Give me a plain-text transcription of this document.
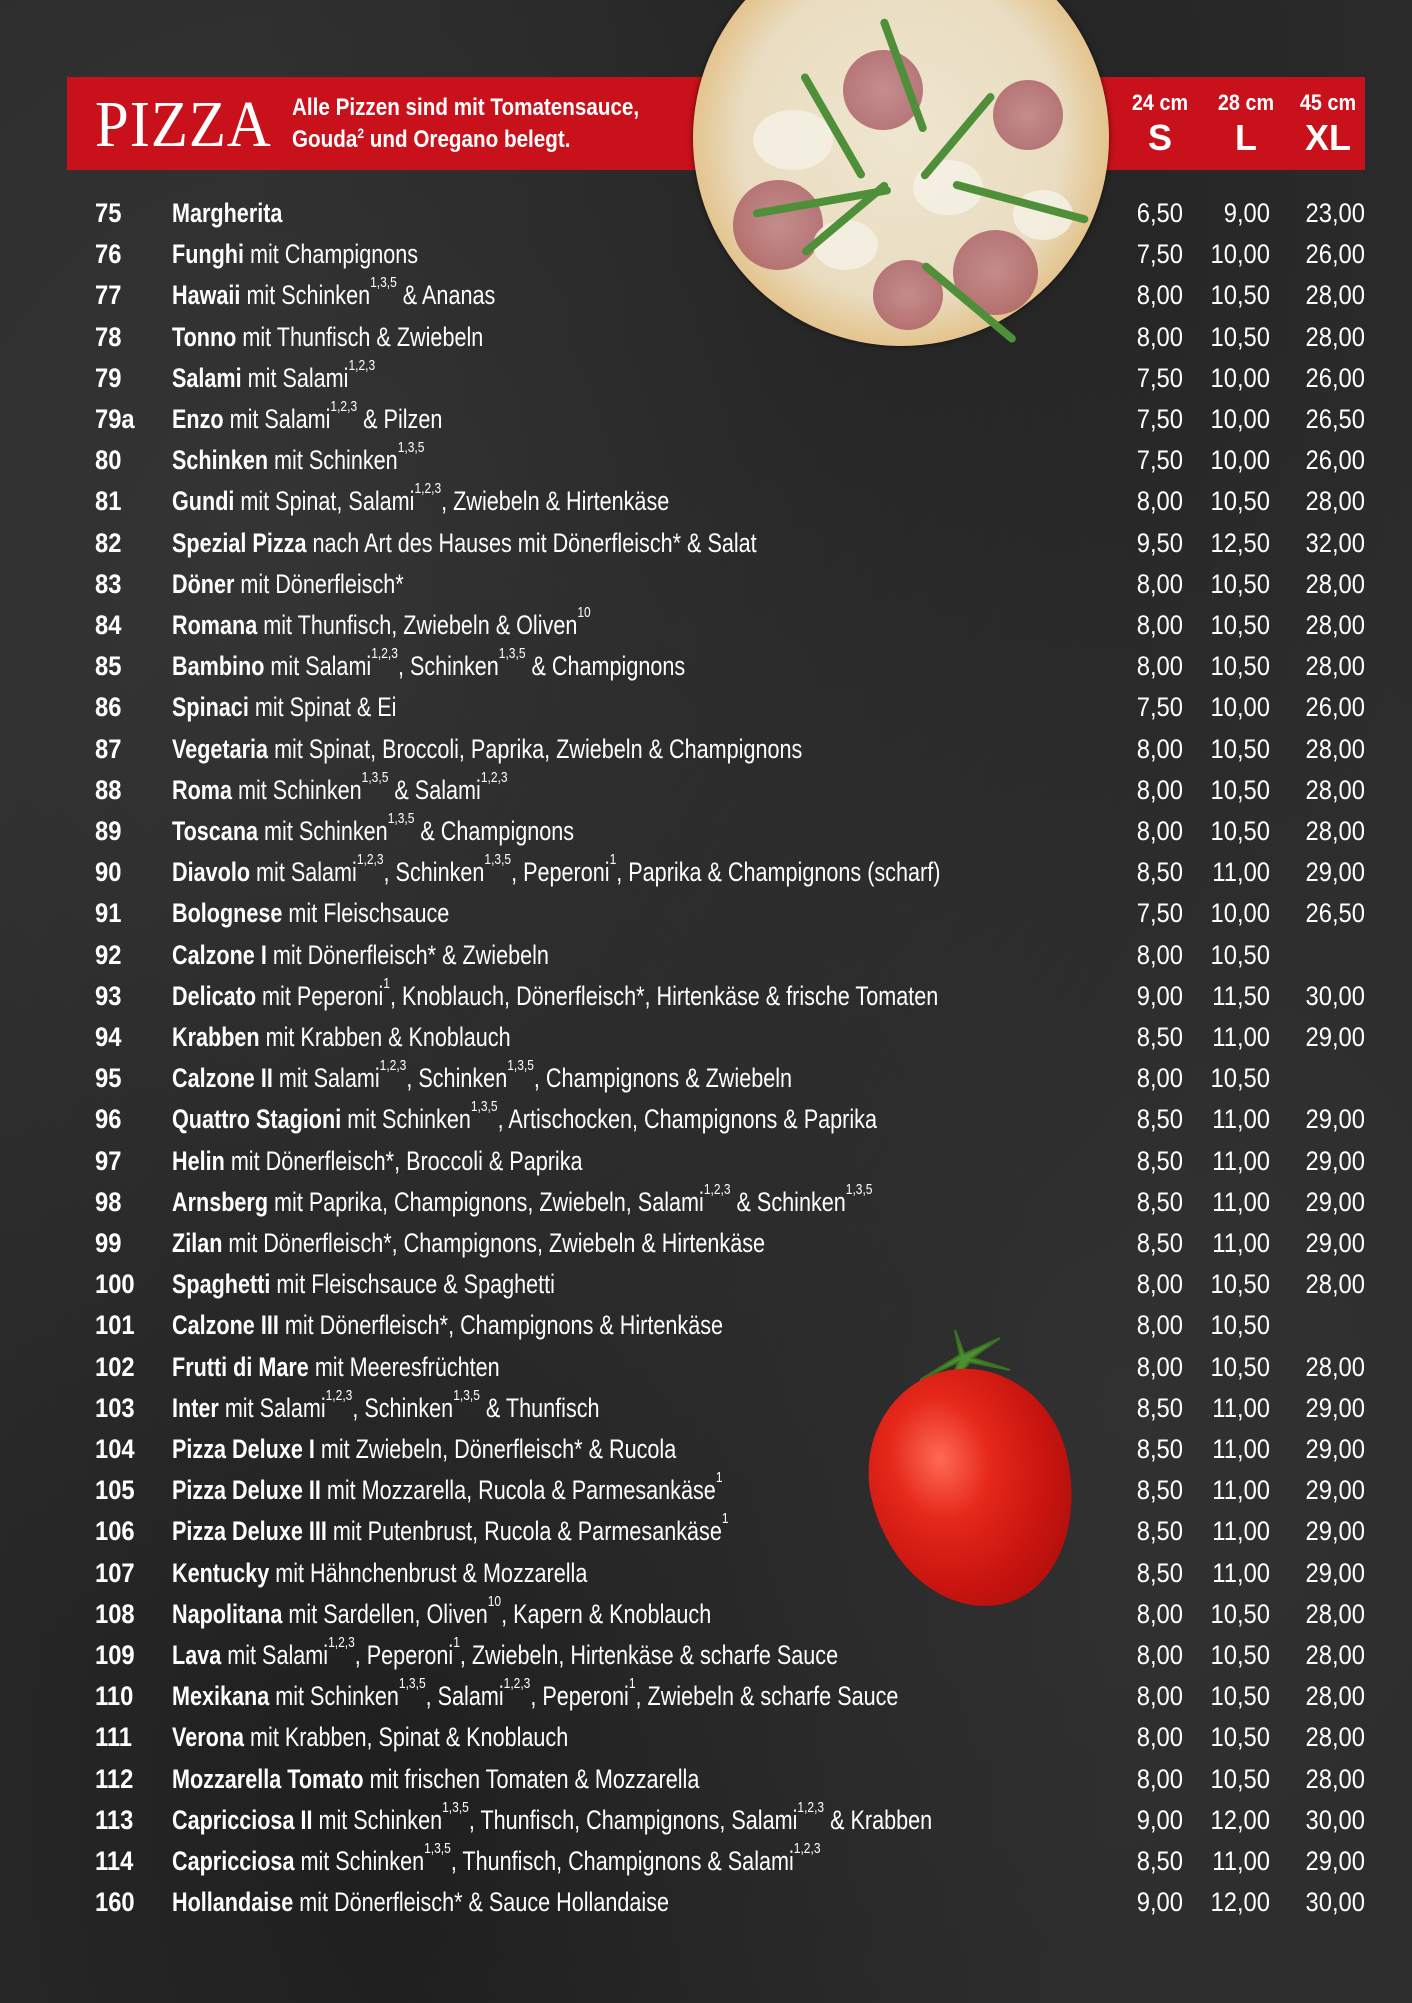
PIZZA Alle Pizzen sind mit Tomatensauce,
Gouda$^2$ und Oregano belegt.
24 cm
S
28 cm
L
45 cm
XL
75 Margherita	6,50	9,00	23,00
76 Funghi mit Champignons	7,50	10,00	26,00
77 Hawaii mit Schinken$^{1,3,5}$ & Ananas	8,00	10,50	28,00
78 Tonno mit Thunfisch & Zwiebeln	8,00	10,50	28,00
79 Salami mit Salami$^{1,2,3}$	7,50	10,00	26,00
79a Enzo mit Salami$^{1,2,3}$ & Pilzen	7,50	10,00	26,50
80 Schinken mit Schinken$^{1,3,5}$	7,50	10,00	26,00
81 Gundi mit Spinat, Salami$^{1,2,3}$, Zwiebeln & Hirtenkäse	8,00	10,50	28,00
82 Spezial Pizza nach Art des Hauses mit Dönerfleisch* & Salat	9,50	12,50	32,00
83 Döner mit Dönerfleisch*	8,00	10,50	28,00
84 Romana mit Thunfisch, Zwiebeln & Oliven$^{10}$	8,00	10,50	28,00
85 Bambino mit Salami$^{1,2,3}$, Schinken$^{1,3,5}$ & Champignons	8,00	10,50	28,00
86 Spinaci mit Spinat & Ei	7,50	10,00	26,00
87 Vegetaria mit Spinat, Broccoli, Paprika, Zwiebeln & Champignons	8,00	10,50	28,00
88 Roma mit Schinken$^{1,3,5}$ & Salami$^{1,2,3}$	8,00	10,50	28,00
89 Toscana mit Schinken$^{1,3,5}$ & Champignons	8,00	10,50	28,00
90 Diavolo mit Salami$^{1,2,3}$, Schinken$^{1,3,5}$, Peperoni$^1$, Paprika & Champignons (scharf)	8,50	11,00	29,00
91 Bolognese mit Fleischsauce	7,50	10,00	26,50
92 Calzone I mit Dönerfleisch* & Zwiebeln	8,00	10,50
93 Delicato mit Peperoni$^1$, Knoblauch, Dönerfleisch*, Hirtenkäse & frische Tomaten	9,00	11,50	30,00
94 Krabben mit Krabben & Knoblauch	8,50	11,00	29,00
95 Calzone II mit Salami$^{1,2,3}$, Schinken$^{1,3,5}$, Champignons & Zwiebeln	8,00	10,50
96 Quattro Stagioni mit Schinken$^{1,3,5}$, Artischocken, Champignons & Paprika	8,50	11,00	29,00
97 Helin mit Dönerfleisch*, Broccoli & Paprika	8,50	11,00	29,00
98 Arnsberg mit Paprika, Champignons, Zwiebeln, Salami$^{1,2,3}$ & Schinken$^{1,3,5}$	8,50	11,00	29,00
99 Zilan mit Dönerfleisch*, Champignons, Zwiebeln & Hirtenkäse	8,50	11,00	29,00
100 Spaghetti mit Fleischsauce & Spaghetti	8,00	10,50	28,00
101 Calzone III mit Dönerfleisch*, Champignons & Hirtenkäse	8,00	10,50
102 Frutti di Mare mit Meeresfrüchten	8,00	10,50	28,00
103 Inter mit Salami$^{1,2,3}$, Schinken$^{1,3,5}$ & Thunfisch	8,50	11,00	29,00
104 Pizza Deluxe I mit Zwiebeln, Dönerfleisch* & Rucola	8,50	11,00	29,00
105 Pizza Deluxe II mit Mozzarella, Rucola & Parmesankäse$^1$	8,50	11,00	29,00
106 Pizza Deluxe III mit Putenbrust, Rucola & Parmesankäse$^1$	8,50	11,00	29,00
107 Kentucky mit Hähnchenbrust & Mozzarella	8,50	11,00	29,00
108 Napolitana mit Sardellen, Oliven$^{10}$, Kapern & Knoblauch	8,00	10,50	28,00
109 Lava mit Salami$^{1,2,3}$, Peperoni$^1$, Zwiebeln, Hirtenkäse & scharfe Sauce	8,00	10,50	28,00
110 Mexikana mit Schinken$^{1,3,5}$, Salami$^{1,2,3}$, Peperoni$^1$, Zwiebeln & scharfe Sauce	8,00	10,50	28,00
111 Verona mit Krabben, Spinat & Knoblauch	8,00	10,50	28,00
112 Mozzarella Tomato mit frischen Tomaten & Mozzarella	8,00	10,50	28,00
113 Capricciosa II mit Schinken$^{1,3,5}$, Thunfisch, Champignons, Salami$^{1,2,3}$ & Krabben	9,00	12,00	30,00
114 Capricciosa mit Schinken$^{1,3,5}$, Thunfisch, Champignons & Salami$^{1,2,3}$	8,50	11,00	29,00
160 Hollandaise mit Dönerfleisch* & Sauce Hollandaise	9,00	12,00	30,00
